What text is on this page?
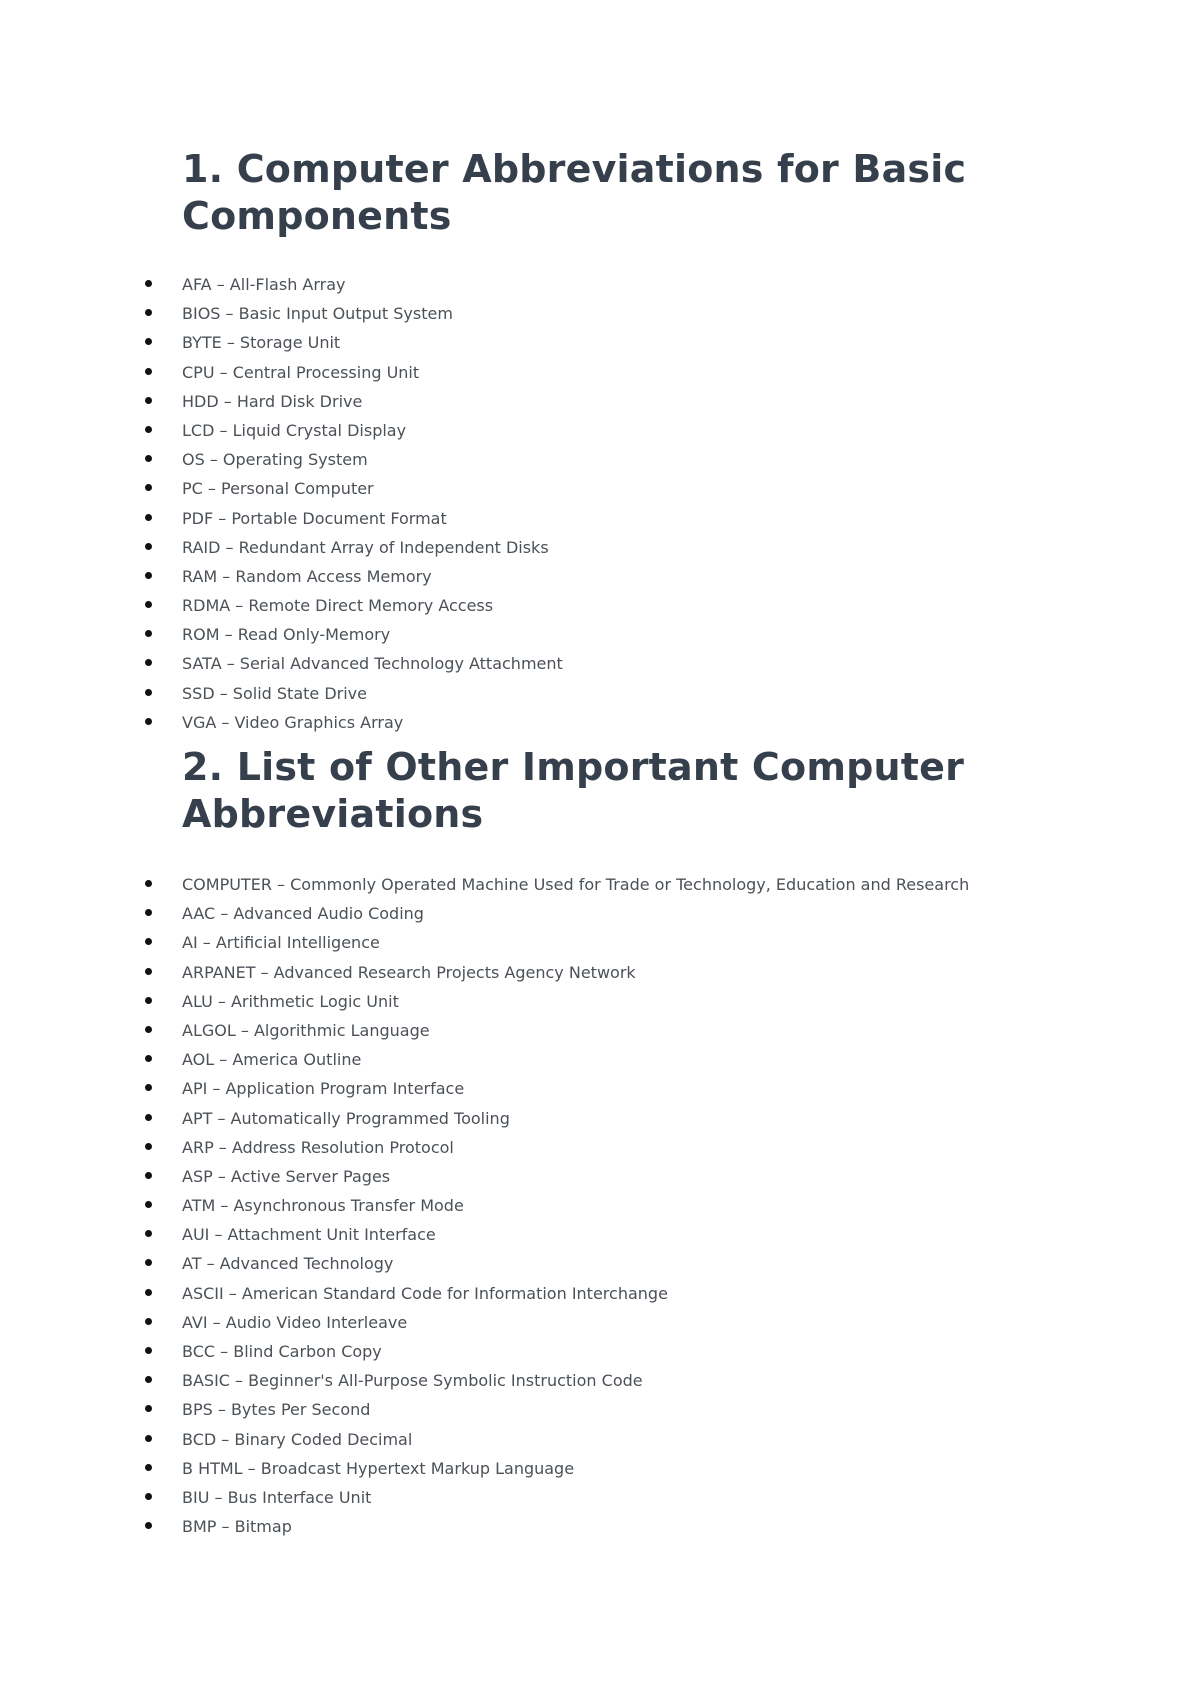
1. Computer Abbreviations for Basic Components
AFA – All-Flash Array
BIOS – Basic Input Output System
BYTE – Storage Unit
CPU – Central Processing Unit
HDD – Hard Disk Drive
LCD – Liquid Crystal Display
OS – Operating System
PC – Personal Computer
PDF – Portable Document Format
RAID – Redundant Array of Independent Disks
RAM – Random Access Memory
RDMA – Remote Direct Memory Access
ROM – Read Only-Memory
SATA – Serial Advanced Technology Attachment
SSD – Solid State Drive
VGA – Video Graphics Array
2. List of Other Important Computer Abbreviations
COMPUTER – Commonly Operated Machine Used for Trade or Technology, Education and Research
AAC – Advanced Audio Coding
AI – Artificial Intelligence
ARPANET – Advanced Research Projects Agency Network
ALU – Arithmetic Logic Unit
ALGOL – Algorithmic Language
AOL – America Outline
API – Application Program Interface
APT – Automatically Programmed Tooling
ARP – Address Resolution Protocol
ASP – Active Server Pages
ATM – Asynchronous Transfer Mode
AUI – Attachment Unit Interface
AT – Advanced Technology
ASCII – American Standard Code for Information Interchange
AVI – Audio Video Interleave
BCC – Blind Carbon Copy
BASIC – Beginner's All-Purpose Symbolic Instruction Code
BPS – Bytes Per Second
BCD – Binary Coded Decimal
B HTML – Broadcast Hypertext Markup Language
BIU – Bus Interface Unit
BMP – Bitmap
